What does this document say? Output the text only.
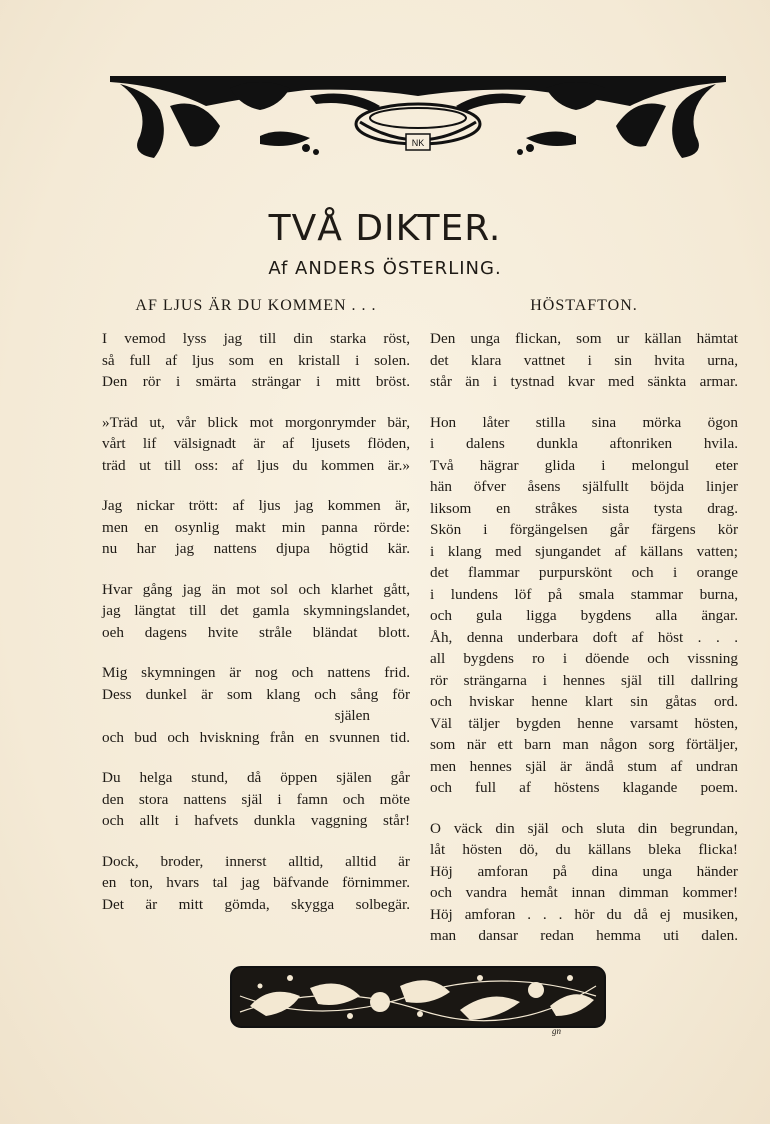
NK
TVÅ DIKTER.
Af ANDERS ÖSTERLING.
AF LJUS ÄR DU KOMMEN . . .
I vemod lyss jag till din starka röst,
så full af ljus som en kristall i solen.
Den rör i smärta strängar i mitt bröst.
»Träd ut, vår blick mot morgonrymder bär,
vårt lif välsignadt är af ljusets flöden,
träd ut till oss: af ljus du kommen är.»
Jag nickar trött: af ljus jag kommen är,
men en osynlig makt min panna rörde:
nu har jag nattens djupa högtid kär.
Hvar gång jag än mot sol och klarhet gått,
jag längtat till det gamla skymningslandet,
oeh dagens hvite stråle bländat blott.
Mig skymningen är nog och nattens frid.
Dess dunkel är som klang och sång för
själen
och bud och hviskning från en svunnen tid.
Du helga stund, då öppen själen går
den stora nattens själ i famn och möte
och allt i hafvets dunkla vaggning står!
Dock, broder, innerst alltid, alltid är
en ton, hvars tal jag bäfvande förnimmer.
Det är mitt gömda, skygga solbegär.
HÖSTAFTON.
Den unga flickan, som ur källan hämtat
det klara vattnet i sin hvita urna,
står än i tystnad kvar med sänkta armar.
Hon låter stilla sina mörka ögon
i dalens dunkla aftonriken hvila.
Två hägrar glida i melongul eter
hän öfver åsens själfullt böjda linjer
liksom en stråkes sista tysta drag.
Skön i förgängelsen går färgens kör
i klang med sjungandet af källans vatten;
det flammar purpurskönt och i orange
i lundens löf på smala stammar burna,
och gula ligga bygdens alla ängar.
Åh, denna underbara doft af höst . . .
all bygdens ro i döende och vissning
rör strängarna i hennes själ till dallring
och hviskar henne klart sin gåtas ord.
Väl täljer bygden henne varsamt hösten,
som när ett barn man någon sorg förtäljer,
men hennes själ är ändå stum af undran
och full af höstens klagande poem.
O väck din själ och sluta din begrundan,
låt hösten dö, du källans bleka flicka!
Höj amforan på dina unga händer
och vandra hemåt innan dimman kommer!
Höj amforan . . . hör du då ej musiken,
man dansar redan hemma uti dalen.
gn
